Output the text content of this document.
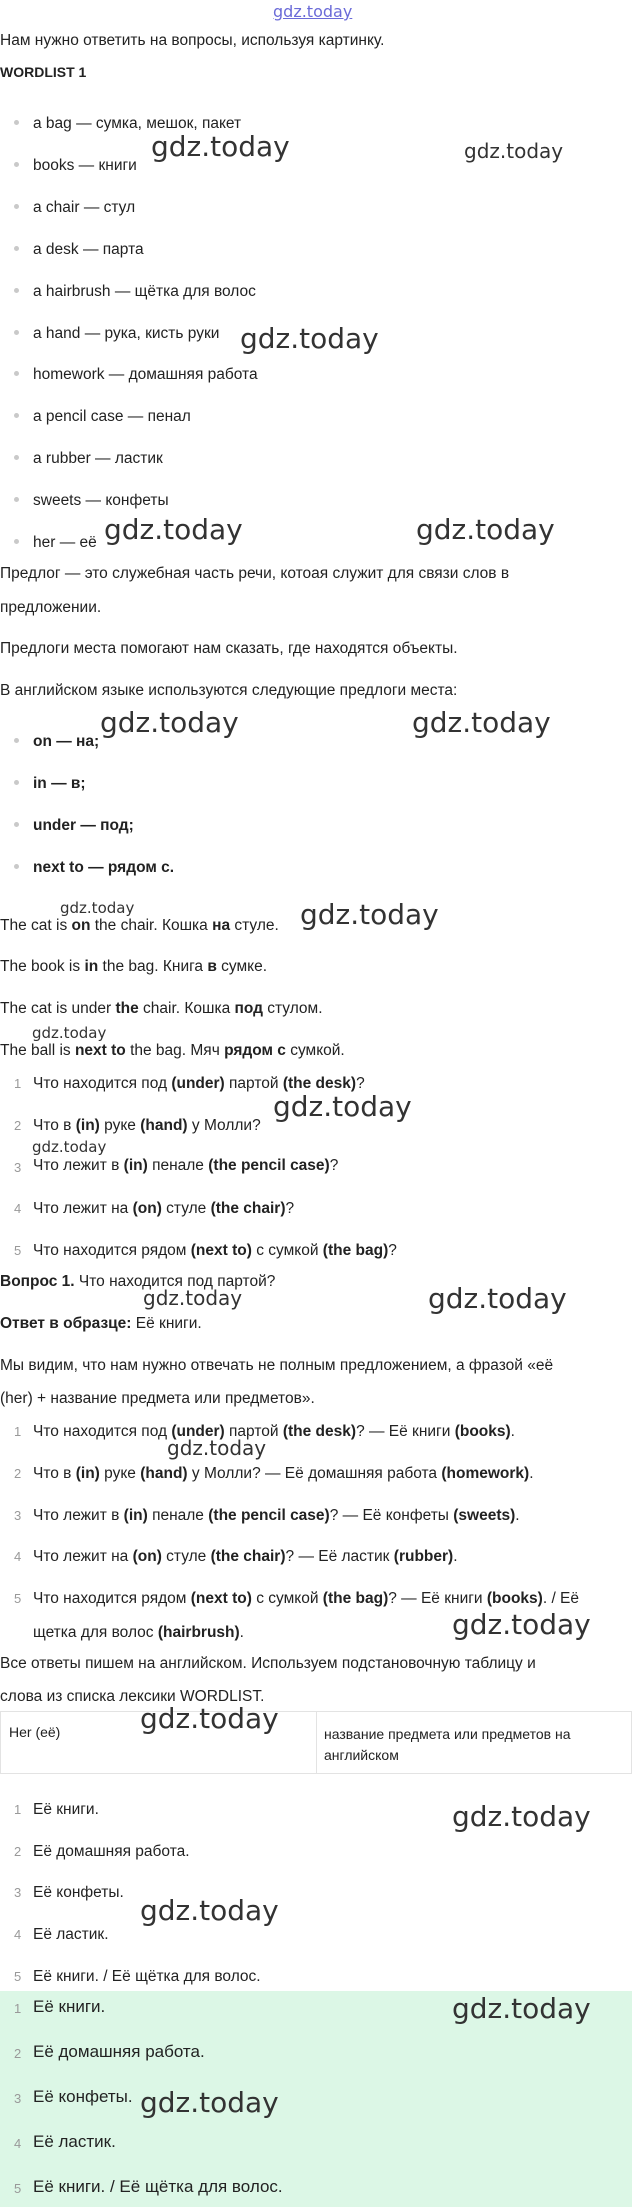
gdz.today
Нам нужно ответить на вопросы, используя картинку.
WORDLIST 1
a bag — сумка, мешок, пакет
books — книги
a chair — стул
a desk — парта
a hairbrush — щётка для волос
a hand — рука, кисть руки
homework — домашняя работа
a pencil case — пенал
a rubber — ластик
sweets — конфеты
her — её
Предлог — это служебная часть речи, котоая служит для связи слов в
предложении.
Предлоги места помогают нам сказать, где находятся объекты.
В английском языке используются следующие предлоги места:
on — на;
in — в;
under — под;
next to — рядом с.
The cat is on the chair. Кошка на стуле.
The book is in the bag. Книга в сумке.
The cat is under the chair. Кошка под стулом.
The ball is next to the bag. Мяч рядом с сумкой.
1 Что находится под (under) партой (the desk)?
2 Что в (in) руке (hand) у Молли?
3 Что лежит в (in) пенале (the pencil case)?
4 Что лежит на (on) стуле (the chair)?
5 Что находится рядом (next to) с сумкой (the bag)?
Вопрос 1. Что находится под партой?
Ответ в образце: Её книги.
Мы видим, что нам нужно отвечать не полным предложением, а фразой «её
(her) + название предмета или предметов».
1 Что находится под (under) партой (the desk)? — Её книги (books).
2 Что в (in) руке (hand) у Молли? — Её домашняя работа (homework).
3 Что лежит в (in) пенале (the pencil case)? — Её конфеты (sweets).
4 Что лежит на (on) стуле (the chair)? — Её ластик (rubber).
5 Что находится рядом (next to) с сумкой (the bag)? — Её книги (books). / Её
щетка для волос (hairbrush).
Все ответы пишем на английском. Используем подстановочную таблицу и
слова из списка лексики WORDLIST.
Her (её)	название предмета или предметов на английском
1 Её книги.
2 Её домашняя работа.
3 Её конфеты.
4 Её ластик.
5 Её книги. / Её щётка для волос.
1 Её книги.
2 Её домашняя работа.
3 Её конфеты.
4 Её ластик.
5 Её книги. / Её щётка для волос.
gdz.today	gdz.today
gdz.today
gdz.today	gdz.today
gdz.today	gdz.today
gdz.today	gdz.today
gdz.today
gdz.today
gdz.today
gdz.today	gdz.today
gdz.today
gdz.today
gdz.today
gdz.today
gdz.today
gdz.today
gdz.today
